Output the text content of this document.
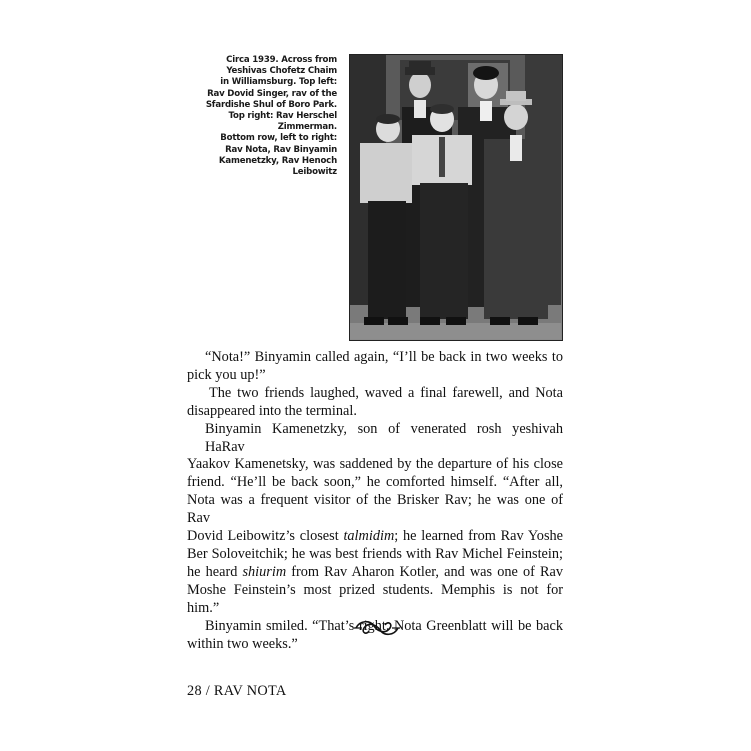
Circa 1939. Across from
Yeshivas Chofetz Chaim
in Williamsburg. Top left:
Rav Dovid Singer, rav of the
Sfardishe Shul of Boro Park.
Top right: Rav Herschel
Zimmerman.
Bottom row, left to right:
Rav Nota, Rav Binyamin
Kamenetzky, Rav Henoch
Leibowitz
“Nota!” Binyamin called again, “I’ll be back in two weeks to
pick you up!”
The two friends laughed, waved a final farewell, and Nota
disappeared into the terminal.
Binyamin Kamenetzky, son of venerated rosh yeshivah HaRav
Yaakov Kamenetsky, was saddened by the departure of his close
friend. “He’ll be back soon,” he comforted himself. “After all,
Nota was a frequent visitor of the Brisker Rav; he was one of Rav
Dovid Leibowitz’s closest talmidim; he learned from Rav Yoshe
Ber Soloveitchik; he was best friends with Rav Michel Feinstein;
he heard shiurim from Rav Aharon Kotler, and was one of Rav
Moshe Feinstein’s most prized students. Memphis is not for
him.”
Binyamin smiled. “That’s right. Nota Greenblatt will be back
within two weeks.”
28 / RAV NOTA
